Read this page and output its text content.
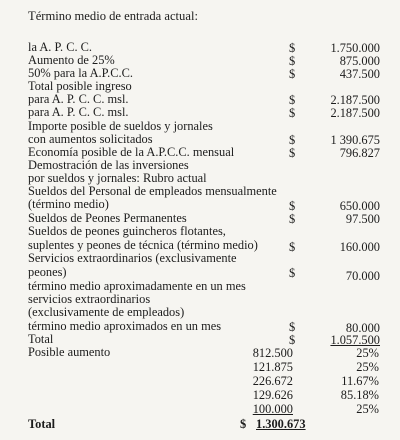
Término medio de entrada actual:
la A. P. C. C.	$	1.750.000
Aumento de 25%	$	875.000
50% para la A.P.C.C.	$	437.500
Total posible ingreso
para A. P. C. C. msl.	$	2.187.500
para A. P. C. C. msl.	$	2.187.500
Importe posible de sueldos y jornales
con aumentos solicitados	$	1 390.675
Economía posible de la A.P.C.C. mensual	$	796.827
Demostración de las inversiones
por sueldos y jornales: Rubro actual
Sueldos del Personal de empleados mensualmente
(término medio)	$	650.000
Sueldos de Peones Permanentes	$	97.500
Sueldos de peones guincheros flotantes,
suplentes y peones de técnica (término medio)	$	160.000
Servicios extraordinarios (exclusivamente
peones)	$	70.000
término medio aproximadamente en un mes
servicios extraordinarios
(exclusivamente de empleados)
término medio aproximados en un mes	$	80.000
Total	$	1.057.500
Posible aumento	812.500	25%
121.875	25%
226.672	11.67%
129.626	85.18%
100.000	25%
Total	$ 1.300.673
